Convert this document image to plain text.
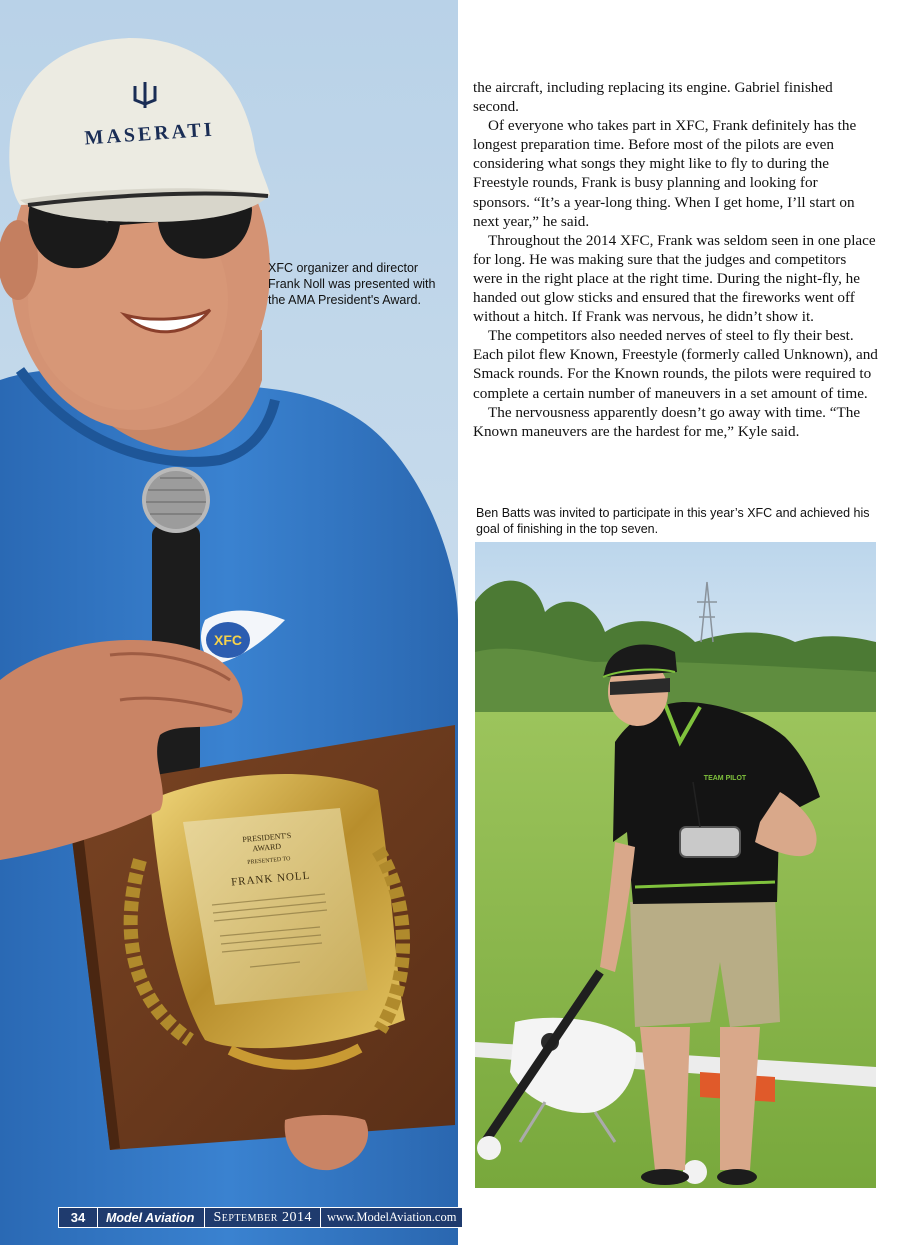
MASERATI
XFC
PRESIDENT'S
AWARD
PRESENTED TO
FRANK NOLL
XFC organizer and director Frank Noll was presented with the AMA President's Award.
34	Model Aviation	September 2014	www.ModelAviation.com

the aircraft, including replacing its engine. Gabriel finished second.

Of everyone who takes part in XFC, Frank definitely has the longest preparation time. Before most of the pilots are even considering what songs they might like to fly to during the Freestyle rounds, Frank is busy planning and looking for sponsors. “It’s a year-long thing. When I get home, I’ll start on next year,” he said.

Throughout the 2014 XFC, Frank was seldom seen in one place for long. He was making sure that the judges and competitors were in the right place at the right time. During the night-fly, he handed out glow sticks and ensured that the fireworks went off without a hitch. If Frank was nervous, he didn’t show it.

The competitors also needed nerves of steel to fly their best. Each pilot flew Known, Freestyle (formerly called Unknown), and Smack rounds. For the Known rounds, the pilots were required to complete a certain number of maneuvers in a set amount of time.

The nervousness apparently doesn’t go away with time. “The Known maneuvers are the hardest for me,” Kyle said.

Ben Batts was invited to participate in this year’s XFC and achieved his goal of finishing in the top seven.
TEAM PILOT
